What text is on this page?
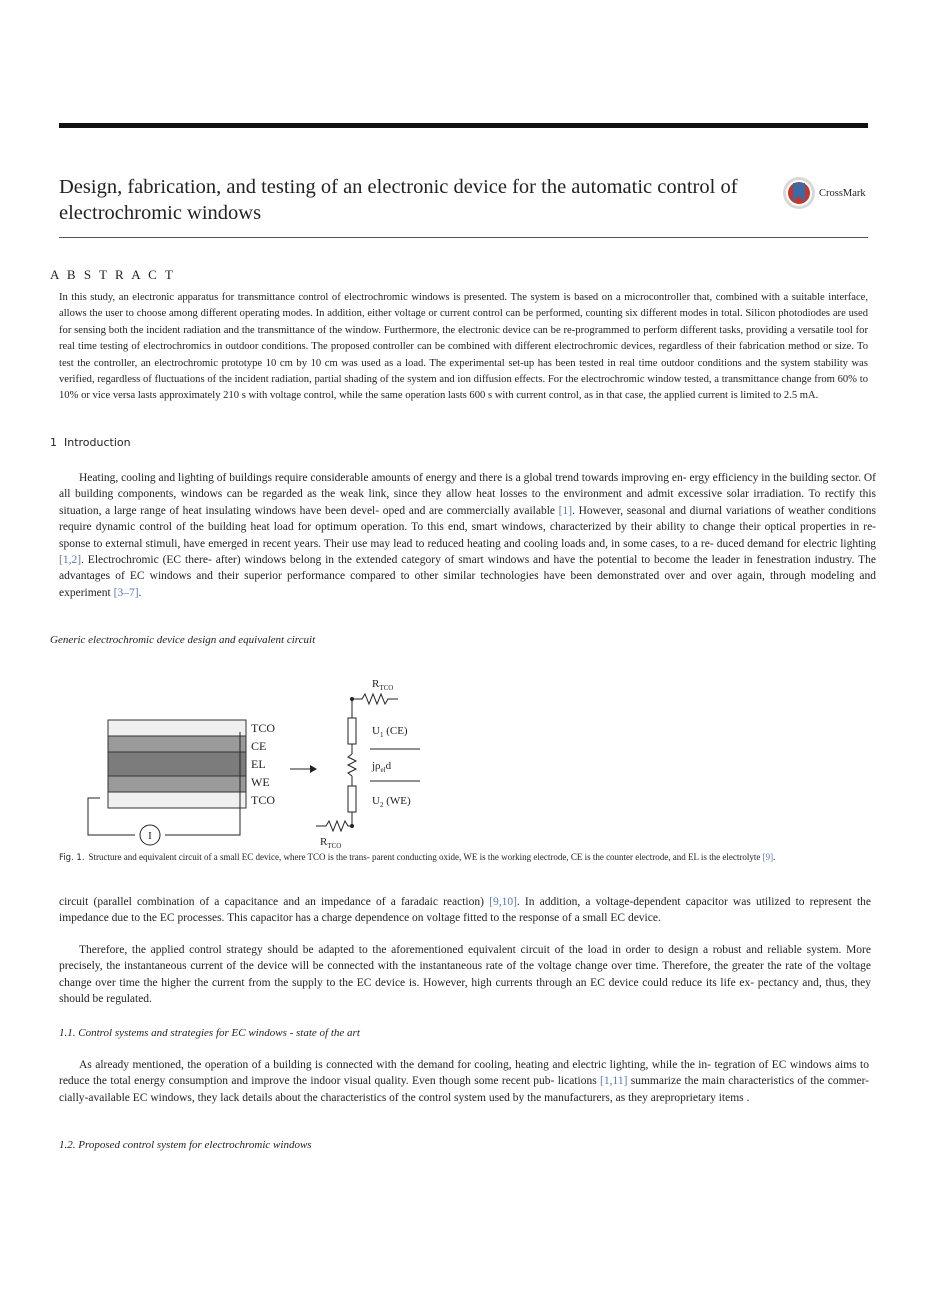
Design, fabrication, and testing of an electronic device for the automatic control of electrochromic windows
CrossMark
A B S T R A C T
In this study, an electronic apparatus for transmittance control of electrochromic windows is presented. The system is based on a microcontroller that, combined with a suitable interface, allows the user to choose among different operating modes. In addition, either voltage or current control can be performed, counting six different modes in total. Silicon photodiodes are used for sensing both the incident radiation and the transmittance of the window. Furthermore, the electronic device can be re-programmed to perform different tasks, providing a versatile tool for real time testing of electrochromics in outdoor conditions. The proposed controller can be combined with different electrochromic devices, regardless of their fabrication method or size. To test the controller, an electrochromic prototype 10 cm by 10 cm was used as a load. The experimental set-up has been tested in real time outdoor conditions and the system stability was verified, regardless of fluctuations of the incident radiation, partial shading of the system and ion diffusion effects. For the electrochromic window tested, a transmittance change from 60% to 10% or vice versa lasts approximately 210 s with voltage control, while the same operation lasts 600 s with current control, as in that case, the applied current is limited to 2.5 mA.
1 Introduction
Heating, cooling and lighting of buildings require considerable amounts of energy and there is a global trend towards improving en- ergy efficiency in the building sector. Of all building components, windows can be regarded as the weak link, since they allow heat losses to the environment and admit excessive solar irradiation. To rectify this situation, a large range of heat insulating windows have been devel- oped and are commercially available [1]. However, seasonal and diurnal variations of weather conditions require dynamic control of the building heat load for optimum operation. To this end, smart windows, characterized by their ability to change their optical properties in re- sponse to external stimuli, have emerged in recent years. Their use may lead to reduced heating and cooling loads and, in some cases, to a re- duced demand for electric lighting [1,2]. Electrochromic (EC there- after) windows belong in the extended category of smart windows and have the potential to become the leader in fenestration industry. The advantages of EC windows and their superior performance compared to other similar technologies have been demonstrated over and over again, through modeling and experiment [3–7].
Generic electrochromic device design and equivalent circuit
I
TCO
CE
EL
WE
TCO
$R_{TCO}$
$R_{TCO}$
$U_1$ (CE)
$j\rho_{el}d$
$U_2$ (WE)
Fig. 1. Structure and equivalent circuit of a small EC device, where TCO is the trans- parent conducting oxide, WE is the working electrode, CE is the counter electrode, and EL is the electrolyte [9].
circuit (parallel combination of a capacitance and an impedance of a faradaic reaction) [9,10]. In addition, a voltage-dependent capacitor was utilized to represent the impedance due to the EC processes. This capacitor has a charge dependence on voltage fitted to the response of a small EC device.
Therefore, the applied control strategy should be adapted to the aforementioned equivalent circuit of the load in order to design a robust and reliable system. More precisely, the instantaneous current of the device will be connected with the instantaneous rate of the voltage change over time. Therefore, the greater the rate of the voltage change over time the higher the current from the supply to the EC device is. However, high currents through an EC device could reduce its life ex- pectancy and, thus, they should be regulated.
1.1. Control systems and strategies for EC windows - state of the art
As already mentioned, the operation of a building is connected with the demand for cooling, heating and electric lighting, while the in- tegration of EC windows aims to reduce the total energy consumption and improve the indoor visual quality. Even though some recent pub- lications [1,11] summarize the main characteristics of the commer- cially-available EC windows, they lack details about the characteristics of the control system used by the manufacturers, as they areproprietary items .
1.2. Proposed control system for electrochromic windows
